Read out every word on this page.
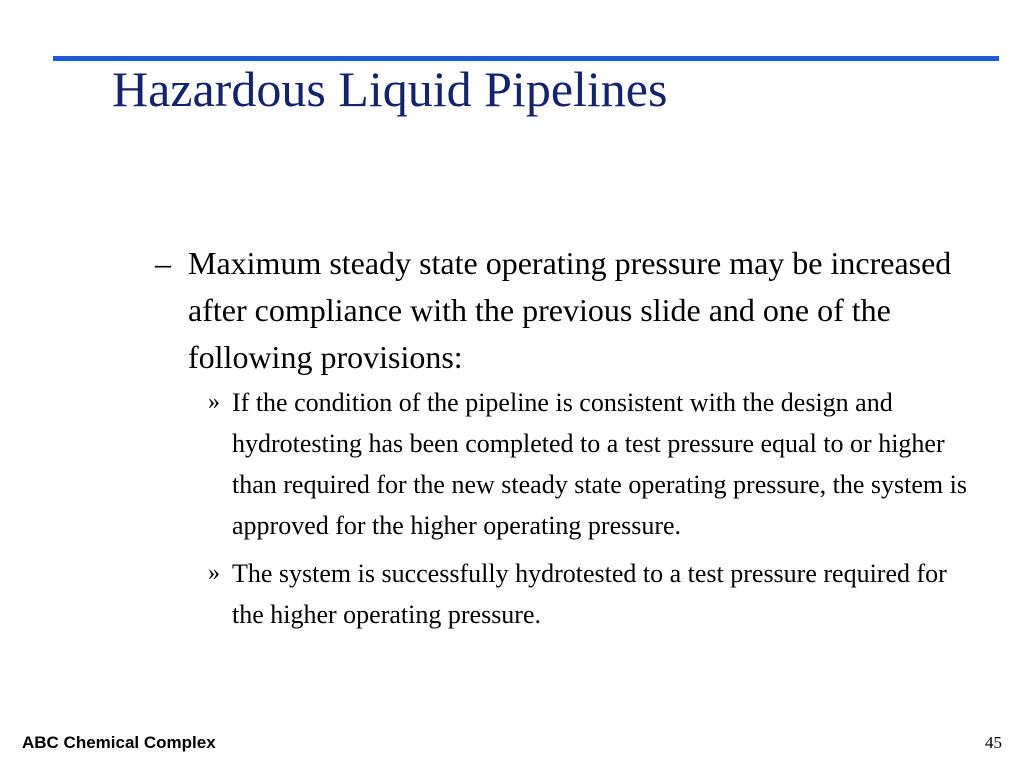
Hazardous Liquid Pipelines
– Maximum steady state operating pressure may be increased after compliance with the previous slide and one of the following provisions:
» If the condition of the pipeline is consistent with the design and hydrotesting has been completed to a test pressure equal to or higher than required for the new steady state operating pressure, the system is approved for the higher operating pressure.
» The system is successfully hydrotested to a test pressure required for the higher operating pressure.
ABC Chemical Complex	45
